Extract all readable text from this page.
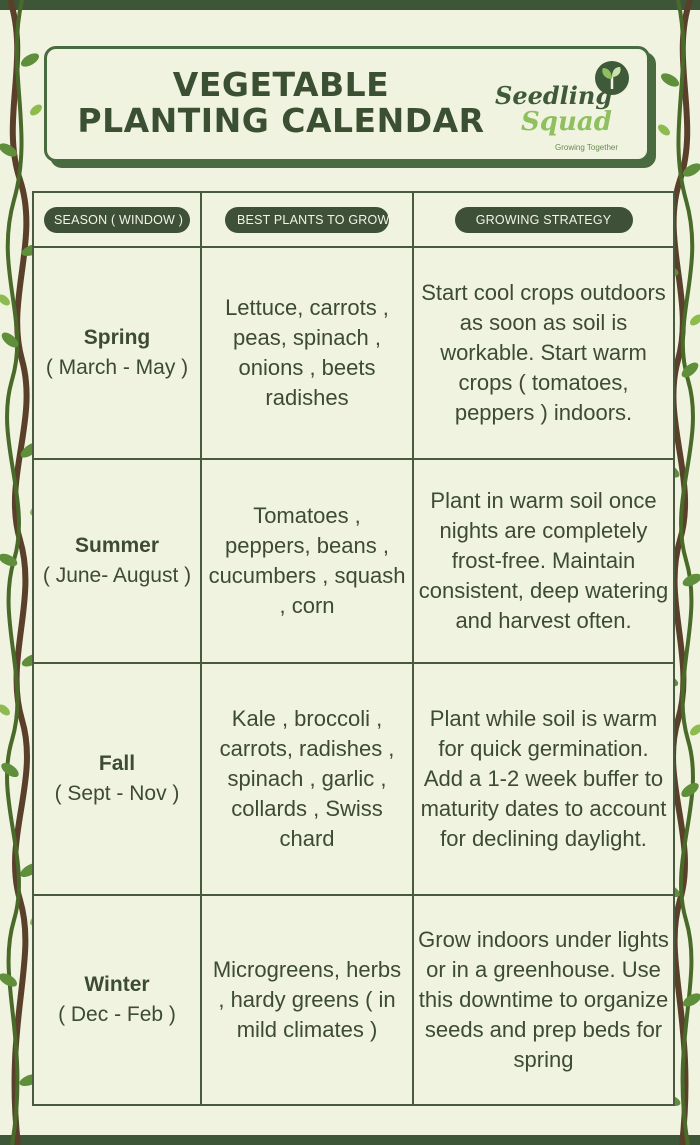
VEGETABLE
PLANTING CALENDAR
Seedling
Squad
Growing Together
SEASON ( WINDOW )	BEST PLANTS TO GROW	GROWING STRATEGY

Spring
( March - May )	Lettuce, carrots , peas, spinach , onions , beets radishes	Start cool crops outdoors as soon as soil is workable. Start warm crops ( tomatoes, peppers ) indoors.

Summer
( June- August )	Tomatoes , peppers, beans , cucumbers , squash , corn	Plant in warm soil once nights are completely frost-free. Maintain consistent, deep watering and harvest often.

Fall
( Sept - Nov )	Kale , broccoli , carrots, radishes , spinach , garlic , collards , Swiss chard	Plant while soil is warm for quick germination. Add a 1-2 week buffer to maturity dates to account for declining daylight.

Winter
( Dec - Feb )	Microgreens, herbs , hardy greens ( in mild climates )	Grow indoors under lights or in a greenhouse. Use this downtime to organize seeds and prep beds for spring
